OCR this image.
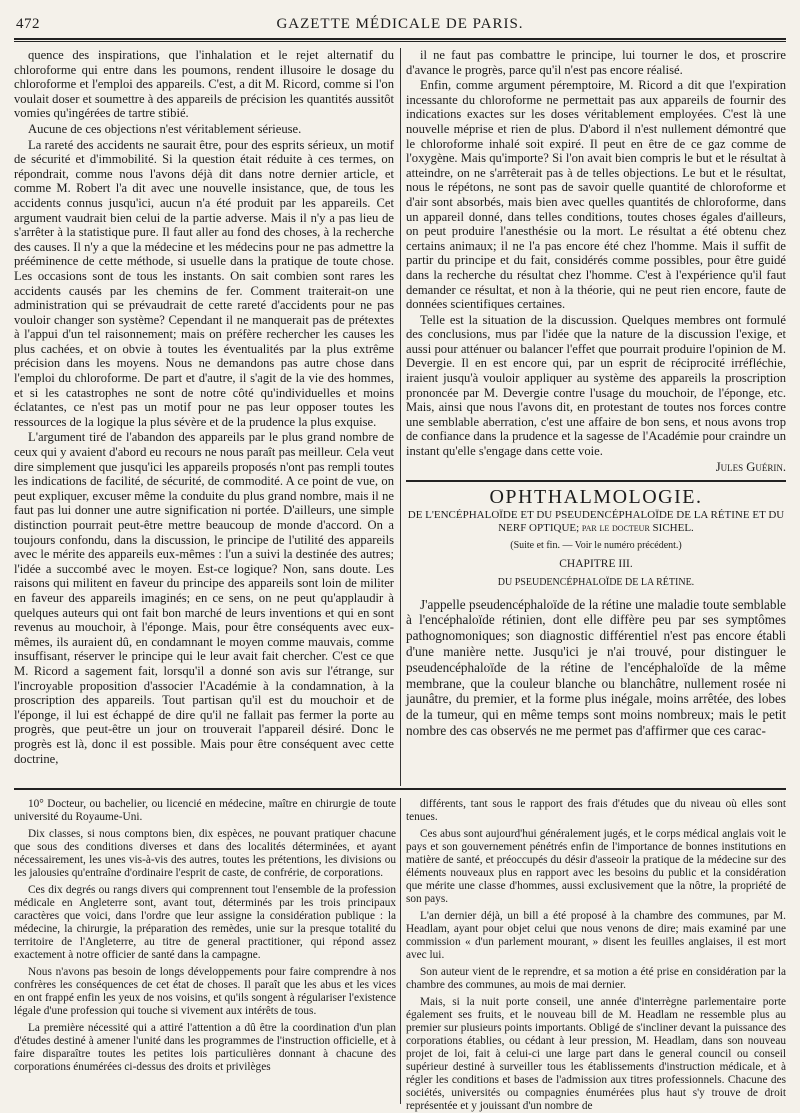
472	GAZETTE MÉDICALE DE PARIS.

quence des inspirations, que l'inhalation et le rejet alternatif du chloroforme qui entre dans les poumons, rendent illusoire le dosage du chloroforme et l'emploi des appareils. C'est, a dit M. Ricord, comme si l'on voulait doser et soumettre à des appareils de précision les quantités aussitôt vomies qu'ingérées de tartre stibié.

Aucune de ces objections n'est véritablement sérieuse.

La rareté des accidents ne saurait être, pour des esprits sérieux, un motif de sécurité et d'immobilité. Si la question était réduite à ces termes, on répondrait, comme nous l'avons déjà dit dans notre dernier article, et comme M. Robert l'a dit avec une nouvelle insistance, que, de tous les accidents connus jusqu'ici, aucun n'a été produit par les appareils. Cet argument vaudrait bien celui de la partie adverse. Mais il n'y a pas lieu de s'arrêter à la statistique pure. Il faut aller au fond des choses, à la recherche des causes. Il n'y a que la médecine et les médecins pour ne pas admettre la prééminence de cette méthode, si usuelle dans la pratique de toute chose. Les occasions sont de tous les instants. On sait combien sont rares les accidents causés par les chemins de fer. Comment traiterait-on une administration qui se prévaudrait de cette rareté d'accidents pour ne pas vouloir changer son système? Cependant il ne manquerait pas de prétextes à l'appui d'un tel raisonnement; mais on préfère rechercher les causes les plus cachées, et on obvie à toutes les éventualités par la plus extrême précision dans les moyens. Nous ne demandons pas autre chose dans l'emploi du chloroforme. De part et d'autre, il s'agit de la vie des hommes, et si les catastrophes ne sont de notre côté qu'individuelles et moins éclatantes, ce n'est pas un motif pour ne pas leur opposer toutes les ressources de la logique la plus sévère et de la prudence la plus exquise.

L'argument tiré de l'abandon des appareils par le plus grand nombre de ceux qui y avaient d'abord eu recours ne nous paraît pas meilleur. Cela veut dire simplement que jusqu'ici les appareils proposés n'ont pas rempli toutes les indications de facilité, de sécurité, de commodité. A ce point de vue, on peut expliquer, excuser même la conduite du plus grand nombre, mais il ne faut pas lui donner une autre signification ni portée. D'ailleurs, une simple distinction pourrait peut-être mettre beaucoup de monde d'accord. On a toujours confondu, dans la discussion, le principe de l'utilité des appareils avec le mérite des appareils eux-mêmes : l'un a suivi la destinée des autres; l'idée a succombé avec le moyen. Est-ce logique? Non, sans doute. Les raisons qui militent en faveur du principe des appareils sont loin de militer en faveur des appareils imaginés; en ce sens, on ne peut qu'applaudir à quelques auteurs qui ont fait bon marché de leurs inventions et qui en sont revenus au mouchoir, à l'éponge. Mais, pour être conséquents avec eux-mêmes, ils auraient dû, en condamnant le moyen comme mauvais, comme insuffisant, réserver le principe qui le leur avait fait chercher. C'est ce que M. Ricord a sagement fait, lorsqu'il a donné son avis sur l'étrange, sur l'incroyable proposition d'associer l'Académie à la condamnation, à la proscription des appareils. Tout partisan qu'il est du mouchoir et de l'éponge, il lui est échappé de dire qu'il ne fallait pas fermer la porte au progrès, que peut-être un jour on trouverait l'appareil désiré. Donc le progrès est là, donc il est possible. Mais pour être conséquent avec cette doctrine,

il ne faut pas combattre le principe, lui tourner le dos, et proscrire d'avance le progrès, parce qu'il n'est pas encore réalisé.

Enfin, comme argument péremptoire, M. Ricord a dit que l'expiration incessante du chloroforme ne permettait pas aux appareils de fournir des indications exactes sur les doses véritablement employées. C'est là une nouvelle méprise et rien de plus. D'abord il n'est nullement démontré que le chloroforme inhalé soit expiré. Il peut en être de ce gaz comme de l'oxygène. Mais qu'importe? Si l'on avait bien compris le but et le résultat à atteindre, on ne s'arrêterait pas à de telles objections. Le but et le résultat, nous le répétons, ne sont pas de savoir quelle quantité de chloroforme et d'air sont absorbés, mais bien avec quelles quantités de chloroforme, dans un appareil donné, dans telles conditions, toutes choses égales d'ailleurs, on peut produire l'anesthésie ou la mort. Le résultat a été obtenu chez certains animaux; il ne l'a pas encore été chez l'homme. Mais il suffit de partir du principe et du fait, considérés comme possibles, pour être guidé dans la recherche du résultat chez l'homme. C'est à l'expérience qu'il faut demander ce résultat, et non à la théorie, qui ne peut rien encore, faute de données scientifiques certaines.

Telle est la situation de la discussion. Quelques membres ont formulé des conclusions, mus par l'idée que la nature de la discussion l'exige, et aussi pour atténuer ou balancer l'effet que pourrait produire l'opinion de M. Devergie. Il en est encore qui, par un esprit de réciprocité irréfléchie, iraient jusqu'à vouloir appliquer au système des appareils la proscription prononcée par M. Devergie contre l'usage du mouchoir, de l'éponge, etc. Mais, ainsi que nous l'avons dit, en protestant de toutes nos forces contre une semblable aberration, c'est une affaire de bon sens, et nous avons trop de confiance dans la prudence et la sagesse de l'Académie pour craindre un instant qu'elle s'engage dans cette voie.

Jules Guérin.

OPHTHALMOLOGIE.
DE L'ENCÉPHALOÏDE ET DU PSEUDENCÉPHALOÏDE DE LA RÉTINE ET DU NERF OPTIQUE; par le docteur SICHEL.
(Suite et fin. — Voir le numéro précédent.)
CHAPITRE III.
DU PSEUDENCÉPHALOÏDE DE LA RÉTINE.

J'appelle pseudencéphaloïde de la rétine une maladie toute semblable à l'encéphaloïde rétinien, dont elle diffère peu par ses symptômes pathognomoniques; son diagnostic différentiel n'est pas encore établi d'une manière nette. Jusqu'ici je n'ai trouvé, pour distinguer le pseudencéphaloïde de la rétine de l'encéphaloïde de la même membrane, que la couleur blanche ou blanchâtre, nullement rosée ni jaunâtre, du premier, et la forme plus inégale, moins arrêtée, des lobes de la tumeur, qui en même temps sont moins nombreux; mais le petit nombre des cas observés ne me permet pas d'affirmer que ces carac-

10° Docteur, ou bachelier, ou licencié en médecine, maître en chirurgie de toute université du Royaume-Uni.

Dix classes, si nous comptons bien, dix espèces, ne pouvant pratiquer chacune que sous des conditions diverses et dans des localités déterminées, et ayant nécessairement, les unes vis-à-vis des autres, toutes les prétentions, les divisions ou les jalousies qu'entraîne d'ordinaire l'esprit de caste, de confrérie, de corporations.

Ces dix degrés ou rangs divers qui comprennent tout l'ensemble de la profession médicale en Angleterre sont, avant tout, déterminés par les trois principaux caractères que voici, dans l'ordre que leur assigne la considération publique : la médecine, la chirurgie, la préparation des remèdes, unie sur la presque totalité du territoire de l'Angleterre, au titre de general practitioner, qui répond assez exactement à notre officier de santé dans la campagne.

Nous n'avons pas besoin de longs développements pour faire comprendre à nos confrères les conséquences de cet état de choses. Il paraît que les abus et les vices en ont frappé enfin les yeux de nos voisins, et qu'ils songent à régulariser l'existence légale d'une profession qui touche si vivement aux intérêts de tous.

La première nécessité qui a attiré l'attention a dû être la coordination d'un plan d'études destiné à amener l'unité dans les programmes de l'instruction officielle, et à faire disparaître toutes les petites lois particulières donnant à chacune des corporations énumérées ci-dessus des droits et privilèges

différents, tant sous le rapport des frais d'études que du niveau où elles sont tenues.

Ces abus sont aujourd'hui généralement jugés, et le corps médical anglais voit le pays et son gouvernement pénétrés enfin de l'importance de bonnes institutions en matière de santé, et préoccupés du désir d'asseoir la pratique de la médecine sur des éléments nouveaux plus en rapport avec les besoins du public et la considération que mérite une classe d'hommes, aussi exclusivement que la nôtre, la propriété de son pays.

L'an dernier déjà, un bill a été proposé à la chambre des communes, par M. Headlam, ayant pour objet celui que nous venons de dire; mais examiné par une commission « d'un parlement mourant, » disent les feuilles anglaises, il est mort avec lui.

Son auteur vient de le reprendre, et sa motion a été prise en considération par la chambre des communes, au mois de mai dernier.

Mais, si la nuit porte conseil, une année d'interrègne parlementaire porte également ses fruits, et le nouveau bill de M. Headlam ne ressemble plus au premier sur plusieurs points importants. Obligé de s'incliner devant la puissance des corporations établies, ou cédant à leur pression, M. Headlam, dans son nouveau projet de loi, fait à celui-ci une large part dans le general council ou conseil supérieur destiné à surveiller tous les établissements d'instruction médicale, et à régler les conditions et bases de l'admission aux titres professionnels. Chacune des sociétés, universités ou compagnies énumérées plus haut s'y trouve de droit représentée et y jouissant d'un nombre de
